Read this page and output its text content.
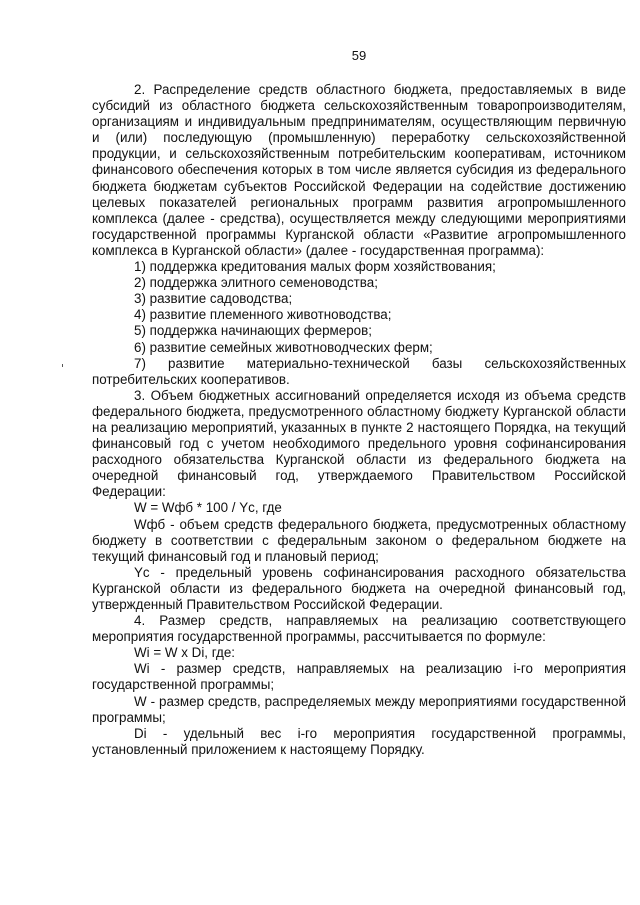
59

2. Распределение средств областного бюджета, предоставляемых в виде субсидий из областного бюджета сельскохозяйственным товаропроизводителям, организациям и индивидуальным предпринимателям, осуществляющим первичную и (или) последующую (промышленную) переработку сельскохозяйственной продукции, и сельскохозяйственным потребительским кооперативам, источником финансового обеспечения которых в том числе является субсидия из федерального бюджета бюджетам субъектов Российской Федерации на содействие достижению целевых показателей региональных программ развития агропромышленного комплекса (далее - средства), осуществляется между следующими мероприятиями государственной программы Курганской области «Развитие агропромышленного комплекса в Курганской области» (далее - государственная программа):

1) поддержка кредитования малых форм хозяйствования;

2) поддержка элитного семеноводства;

3) развитие садоводства;

4) развитие племенного животноводства;

5) поддержка начинающих фермеров;

6) развитие семейных животноводческих ферм;

7) развитие материально-технической базы сельскохозяйственных потребительских кооперативов.

3. Объем бюджетных ассигнований определяется исходя из объема средств федерального бюджета, предусмотренного областному бюджету Курганской области на реализацию мероприятий, указанных в пункте 2 настоящего Порядка, на текущий финансовый год с учетом необходимого предельного уровня софинансирования расходного обязательства Курганской области из федерального бюджета на очередной финансовый год, утверждаемого Правительством Российской Федерации:

W = Wфб * 100 / Yc, где

Wфб - объем средств федерального бюджета, предусмотренных областному бюджету в соответствии с федеральным законом о федеральном бюджете на текущий финансовый год и плановый период;

Yc - предельный уровень софинансирования расходного обязательства Курганской области из федерального бюджета на очередной финансовый год, утвержденный Правительством Российской Федерации.

4. Размер средств, направляемых на реализацию соответствующего мероприятия государственной программы, рассчитывается по формуле:

Wi = W x Di, где:

Wi - размер средств, направляемых на реализацию i-го мероприятия государственной программы;

W - размер средств, распределяемых между мероприятиями государственной программы;

Di - удельный вес i-го мероприятия государственной программы, установленный приложением к настоящему Порядку.
